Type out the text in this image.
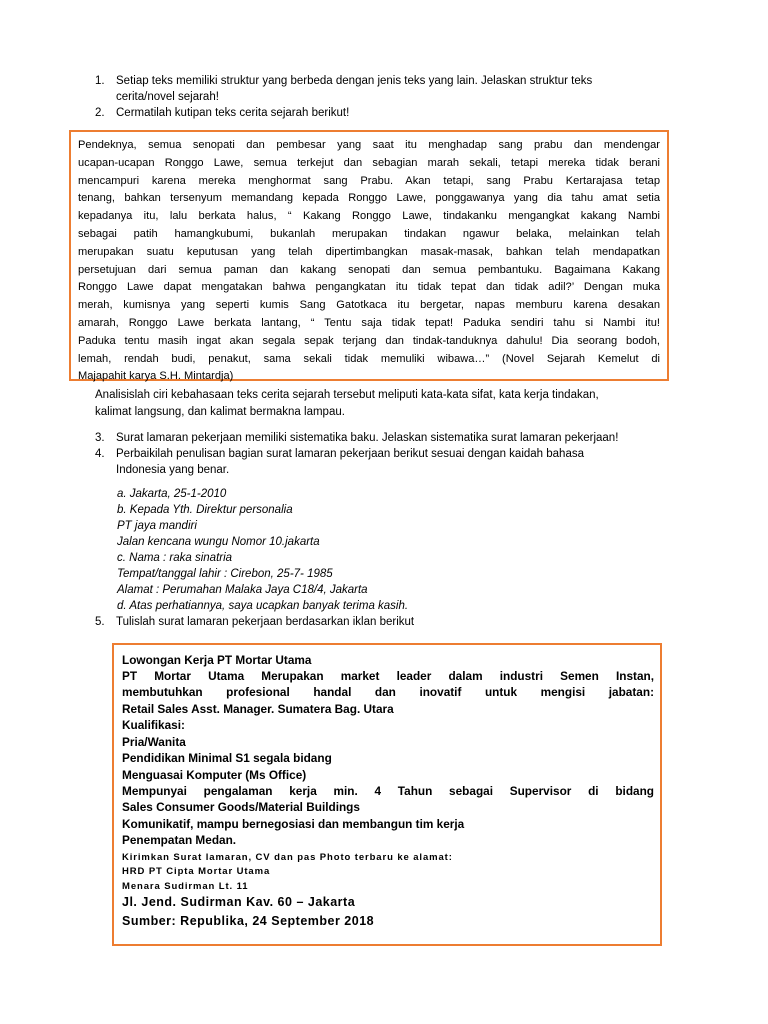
1. Setiap teks memiliki struktur yang berbeda dengan jenis teks yang lain. Jelaskan struktur teks
cerita/novel sejarah!
2. Cermatilah kutipan teks cerita sejarah berikut!

Pendeknya, semua senopati dan pembesar yang saat itu menghadap sang prabu dan mendengar
ucapan-ucapan Ronggo Lawe, semua terkejut dan sebagian marah sekali, tetapi mereka tidak berani
mencampuri karena mereka menghormat sang Prabu. Akan tetapi, sang Prabu Kertarajasa tetap
tenang, bahkan tersenyum memandang kepada Ronggo Lawe, ponggawanya yang dia tahu amat setia
kepadanya itu, lalu berkata halus, “ Kakang Ronggo Lawe, tindakanku mengangkat kakang Nambi
sebagai patih hamangkubumi, bukanlah merupakan tindakan ngawur belaka, melainkan telah
merupakan suatu keputusan yang telah dipertimbangkan masak-masak, bahkan telah mendapatkan
persetujuan dari semua paman dan kakang senopati dan semua pembantuku. Bagaimana Kakang
Ronggo Lawe dapat mengatakan bahwa pengangkatan itu tidak tepat dan tidak adil?’ Dengan muka
merah, kumisnya yang seperti kumis Sang Gatotkaca itu bergetar, napas memburu karena desakan
amarah, Ronggo Lawe berkata lantang, “ Tentu saja tidak tepat! Paduka sendiri tahu si Nambi itu!
Paduka tentu masih ingat akan segala sepak terjang dan tindak-tanduknya dahulu! Dia seorang bodoh,
lemah, rendah budi, penakut, sama sekali tidak memuliki wibawa…” (Novel Sejarah Kemelut di
Majapahit karya S.H. Mintardja)

Analisislah ciri kebahasaan teks cerita sejarah tersebut meliputi kata-kata sifat, kata kerja tindakan,
kalimat langsung, dan kalimat bermakna lampau.
3. Surat lamaran pekerjaan memiliki sistematika baku. Jelaskan sistematika surat lamaran pekerjaan!
4. Perbaikilah penulisan bagian surat lamaran pekerjaan berikut sesuai dengan kaidah bahasa
Indonesia yang benar.
a. Jakarta, 25-1-2010
b. Kepada Yth. Direktur personalia
PT jaya mandiri
Jalan kencana wungu Nomor 10.jakarta
c. Nama : raka sinatria
Tempat/tanggal lahir : Cirebon, 25-7- 1985
Alamat : Perumahan Malaka Jaya C18/4, Jakarta
d. Atas perhatiannya, saya ucapkan banyak terima kasih.
5. Tulislah surat lamaran pekerjaan berdasarkan iklan berikut
Lowongan Kerja PT Mortar Utama
PT Mortar Utama Merupakan market leader dalam industri Semen Instan,
membutuhkan profesional handal dan inovatif untuk mengisi jabatan:
Retail Sales Asst. Manager. Sumatera Bag. Utara
Kualifikasi:
Pria/Wanita
Pendidikan Minimal S1 segala bidang
Menguasai Komputer (Ms Office)
Mempunyai pengalaman kerja min. 4 Tahun sebagai Supervisor di bidang
Sales Consumer Goods/Material Buildings
Komunikatif, mampu bernegosiasi dan membangun tim kerja
Penempatan Medan.
Kirimkan Surat lamaran, CV dan pas Photo terbaru ke alamat:
HRD PT Cipta Mortar Utama
Menara Sudirman Lt. 11
Jl. Jend. Sudirman Kav. 60 – Jakarta
Sumber: Republika, 24 September 2018
